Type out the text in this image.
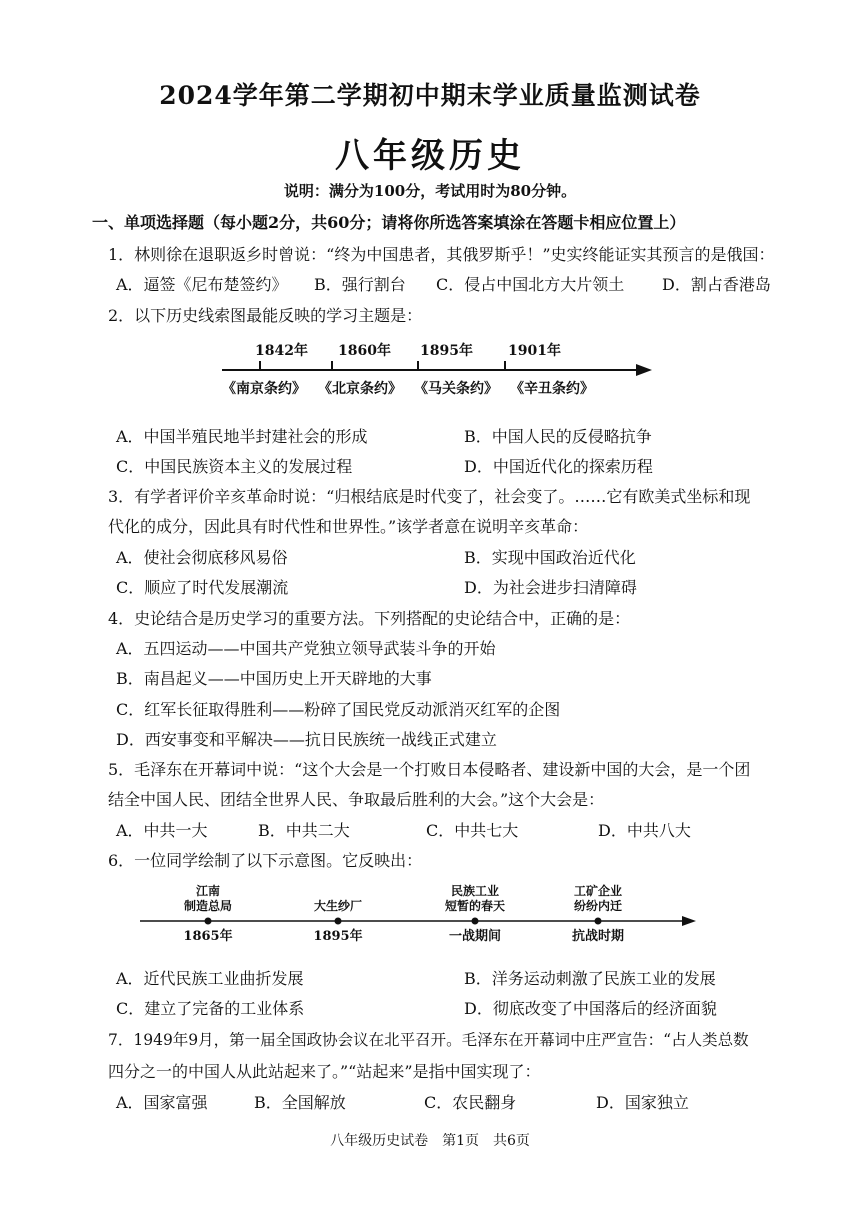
2024学年第二学期初中期末学业质量监测试卷
八年级历史
说明：满分为100分，考试用时为80分钟。
一、单项选择题（每小题2分，共60分；请将你所选答案填涂在答题卡相应位置上）
1．林则徐在退职返乡时曾说：“终为中国患者，其俄罗斯乎！”史实终能证实其预言的是俄国：
A．逼签《尼布楚签约》 B．强行割台 C．侵占中国北方大片领土 D．割占香港岛
2．以下历史线索图最能反映的学习主题是：
1842年 1860年 1895年	1901年
《南京条约》 《北京条约》 《马关条约》 《辛丑条约》
A．中国半殖民地半封建社会的形成	B．中国人民的反侵略抗争
C．中国民族资本主义的发展过程	D．中国近代化的探索历程
3．有学者评价辛亥革命时说：“归根结底是时代变了，社会变了。……它有欧美式坐标和现
代化的成分，因此具有时代性和世界性。”该学者意在说明辛亥革命：
A．使社会彻底移风易俗	B．实现中国政治近代化
C．顺应了时代发展潮流	D．为社会进步扫清障碍
4．史论结合是历史学习的重要方法。下列搭配的史论结合中，正确的是：
A．五四运动——中国共产党独立领导武装斗争的开始
B．南昌起义——中国历史上开天辟地的大事
C．红军长征取得胜利——粉碎了国民党反动派消灭红军的企图
D．西安事变和平解决——抗日民族统一战线正式建立
5．毛泽东在开幕词中说：“这个大会是一个打败日本侵略者、建设新中国的大会，是一个团
结全中国人民、团结全世界人民、争取最后胜利的大会。”这个大会是：
A．中共一大	B．中共二大	C．中共七大	D．中共八大
6．一位同学绘制了以下示意图。它反映出：
江南
制造总局	大生纱厂
民族工业
短暂的春天
工矿企业
纷纷内迁
1865年	1895年	一战期间	抗战时期
A．近代民族工业曲折发展	B．洋务运动刺激了民族工业的发展
C．建立了完备的工业体系	D．彻底改变了中国落后的经济面貌
7．1949年9月，第一届全国政协会议在北平召开。毛泽东在开幕词中庄严宣告：“占人类总数
四分之一的中国人从此站起来了。”“站起来”是指中国实现了：
A．国家富强	B．全国解放	C．农民翻身	D．国家独立
八年级历史试卷　第1页　共6页
